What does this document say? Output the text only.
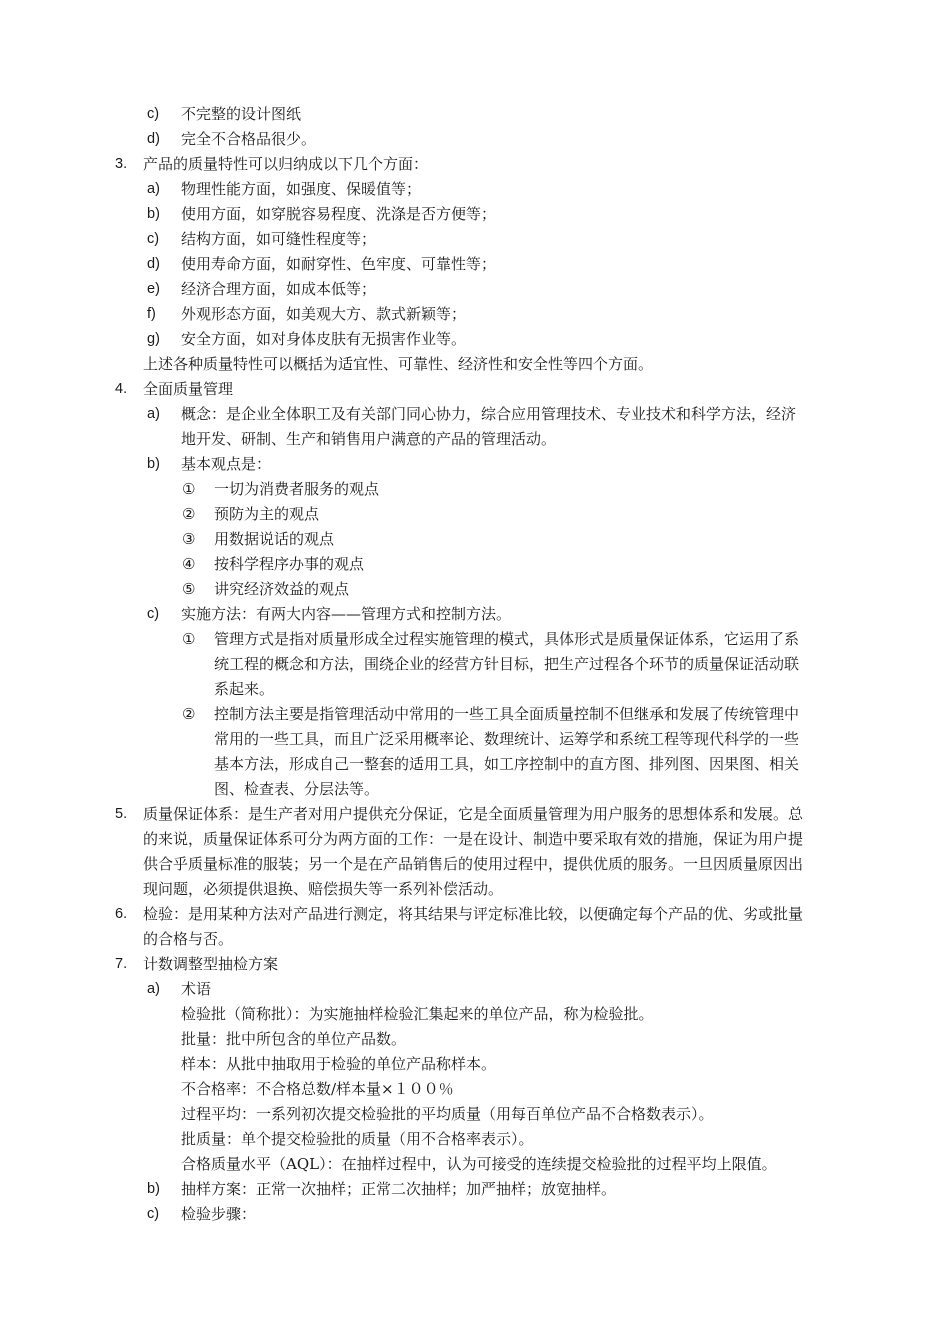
c) 不完整的设计图纸
d) 完全不合格品很少。
3. 产品的质量特性可以归纳成以下几个方面：
a) 物理性能方面，如强度、保暖值等；
b) 使用方面，如穿脱容易程度、洗涤是否方便等；
c) 结构方面，如可缝性程度等；
d) 使用寿命方面，如耐穿性、色牢度、可靠性等；
e) 经济合理方面，如成本低等；
f) 外观形态方面，如美观大方、款式新颖等；
g) 安全方面，如对身体皮肤有无损害作业等。
上述各种质量特性可以概括为适宜性、可靠性、经济性和安全性等四个方面。
4. 全面质量管理
a) 概念：是企业全体职工及有关部门同心协力，综合应用管理技术、专业技术和科学方法，经济
地开发、研制、生产和销售用户满意的产品的管理活动。
b) 基本观点是：
① 一切为消费者服务的观点
② 预防为主的观点
③ 用数据说话的观点
④ 按科学程序办事的观点
⑤ 讲究经济效益的观点
c) 实施方法：有两大内容——管理方式和控制方法。
① 管理方式是指对质量形成全过程实施管理的模式，具体形式是质量保证体系，它运用了系
统工程的概念和方法，围绕企业的经营方针目标，把生产过程各个环节的质量保证活动联
系起来。
② 控制方法主要是指管理活动中常用的一些工具全面质量控制不但继承和发展了传统管理中
常用的一些工具，而且广泛采用概率论、数理统计、运筹学和系统工程等现代科学的一些
基本方法，形成自己一整套的适用工具，如工序控制中的直方图、排列图、因果图、相关
图、检查表、分层法等。
5. 质量保证体系：是生产者对用户提供充分保证，它是全面质量管理为用户服务的思想体系和发展。总
的来说，质量保证体系可分为两方面的工作：一是在设计、制造中要采取有效的措施，保证为用户提
供合乎质量标准的服装；另一个是在产品销售后的使用过程中，提供优质的服务。一旦因质量原因出
现问题，必须提供退换、赔偿损失等一系列补偿活动。
6. 检验：是用某种方法对产品进行测定，将其结果与评定标准比较，以便确定每个产品的优、劣或批量
的合格与否。
7. 计数调整型抽检方案
a) 术语
检验批（简称批）：为实施抽样检验汇集起来的单位产品，称为检验批。
批量：批中所包含的单位产品数。
样本：从批中抽取用于检验的单位产品称样本。
不合格率：不合格总数/样本量×１００％
过程平均：一系列初次提交检验批的平均质量（用每百单位产品不合格数表示）。
批质量：单个提交检验批的质量（用不合格率表示）。
合格质量水平（AQL）：在抽样过程中，认为可接受的连续提交检验批的过程平均上限值。
b) 抽样方案：正常一次抽样；正常二次抽样；加严抽样；放宽抽样。
c) 检验步骤：
